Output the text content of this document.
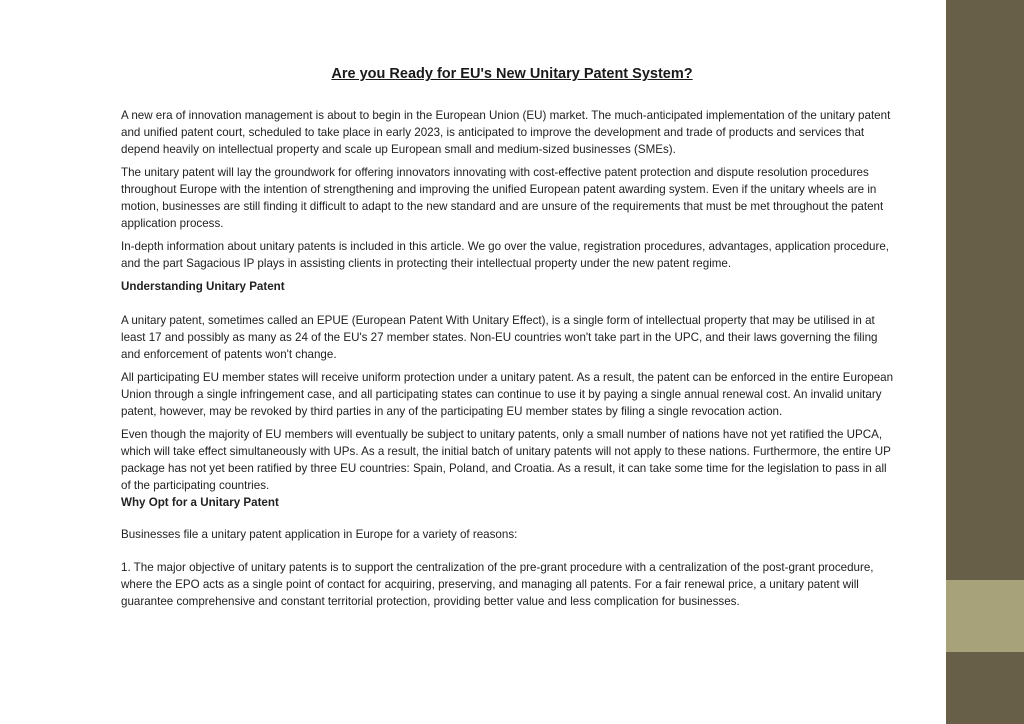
Are you Ready for EU's New Unitary Patent System?

A new era of innovation management is about to begin in the European Union (EU) market. The much-anticipated implementation of the unitary patent and unified patent court, scheduled to take place in early 2023, is anticipated to improve the development and trade of products and services that depend heavily on intellectual property and scale up European small and medium-sized businesses (SMEs).

The unitary patent will lay the groundwork for offering innovators innovating with cost-effective patent protection and dispute resolution procedures throughout Europe with the intention of strengthening and improving the unified European patent awarding system. Even if the unitary wheels are in motion, businesses are still finding it difficult to adapt to the new standard and are unsure of the requirements that must be met throughout the patent application process.

In-depth information about unitary patents is included in this article. We go over the value, registration procedures, advantages, application procedure, and the part Sagacious IP plays in assisting clients in protecting their intellectual property under the new patent regime.

Understanding Unitary Patent

A unitary patent, sometimes called an EPUE (European Patent With Unitary Effect), is a single form of intellectual property that may be utilised in at least 17 and possibly as many as 24 of the EU's 27 member states. Non-EU countries won't take part in the UPC, and their laws governing the filing and enforcement of patents won't change.

All participating EU member states will receive uniform protection under a unitary patent. As a result, the patent can be enforced in the entire European Union through a single infringement case, and all participating states can continue to use it by paying a single annual renewal cost. An invalid unitary patent, however, may be revoked by third parties in any of the participating EU member states by filing a single revocation action.

Even though the majority of EU members will eventually be subject to unitary patents, only a small number of nations have not yet ratified the UPCA, which will take effect simultaneously with UPs. As a result, the initial batch of unitary patents will not apply to these nations. Furthermore, the entire UP package has not yet been ratified by three EU countries: Spain, Poland, and Croatia. As a result, it can take some time for the legislation to pass in all of the participating countries.

Why Opt for a Unitary Patent

Businesses file a unitary patent application in Europe for a variety of reasons:

1. The major objective of unitary patents is to support the centralization of the pre-grant procedure with a centralization of the post-grant procedure, where the EPO acts as a single point of contact for acquiring, preserving, and managing all patents. For a fair renewal price, a unitary patent will guarantee comprehensive and constant territorial protection, providing better value and less complication for businesses.
